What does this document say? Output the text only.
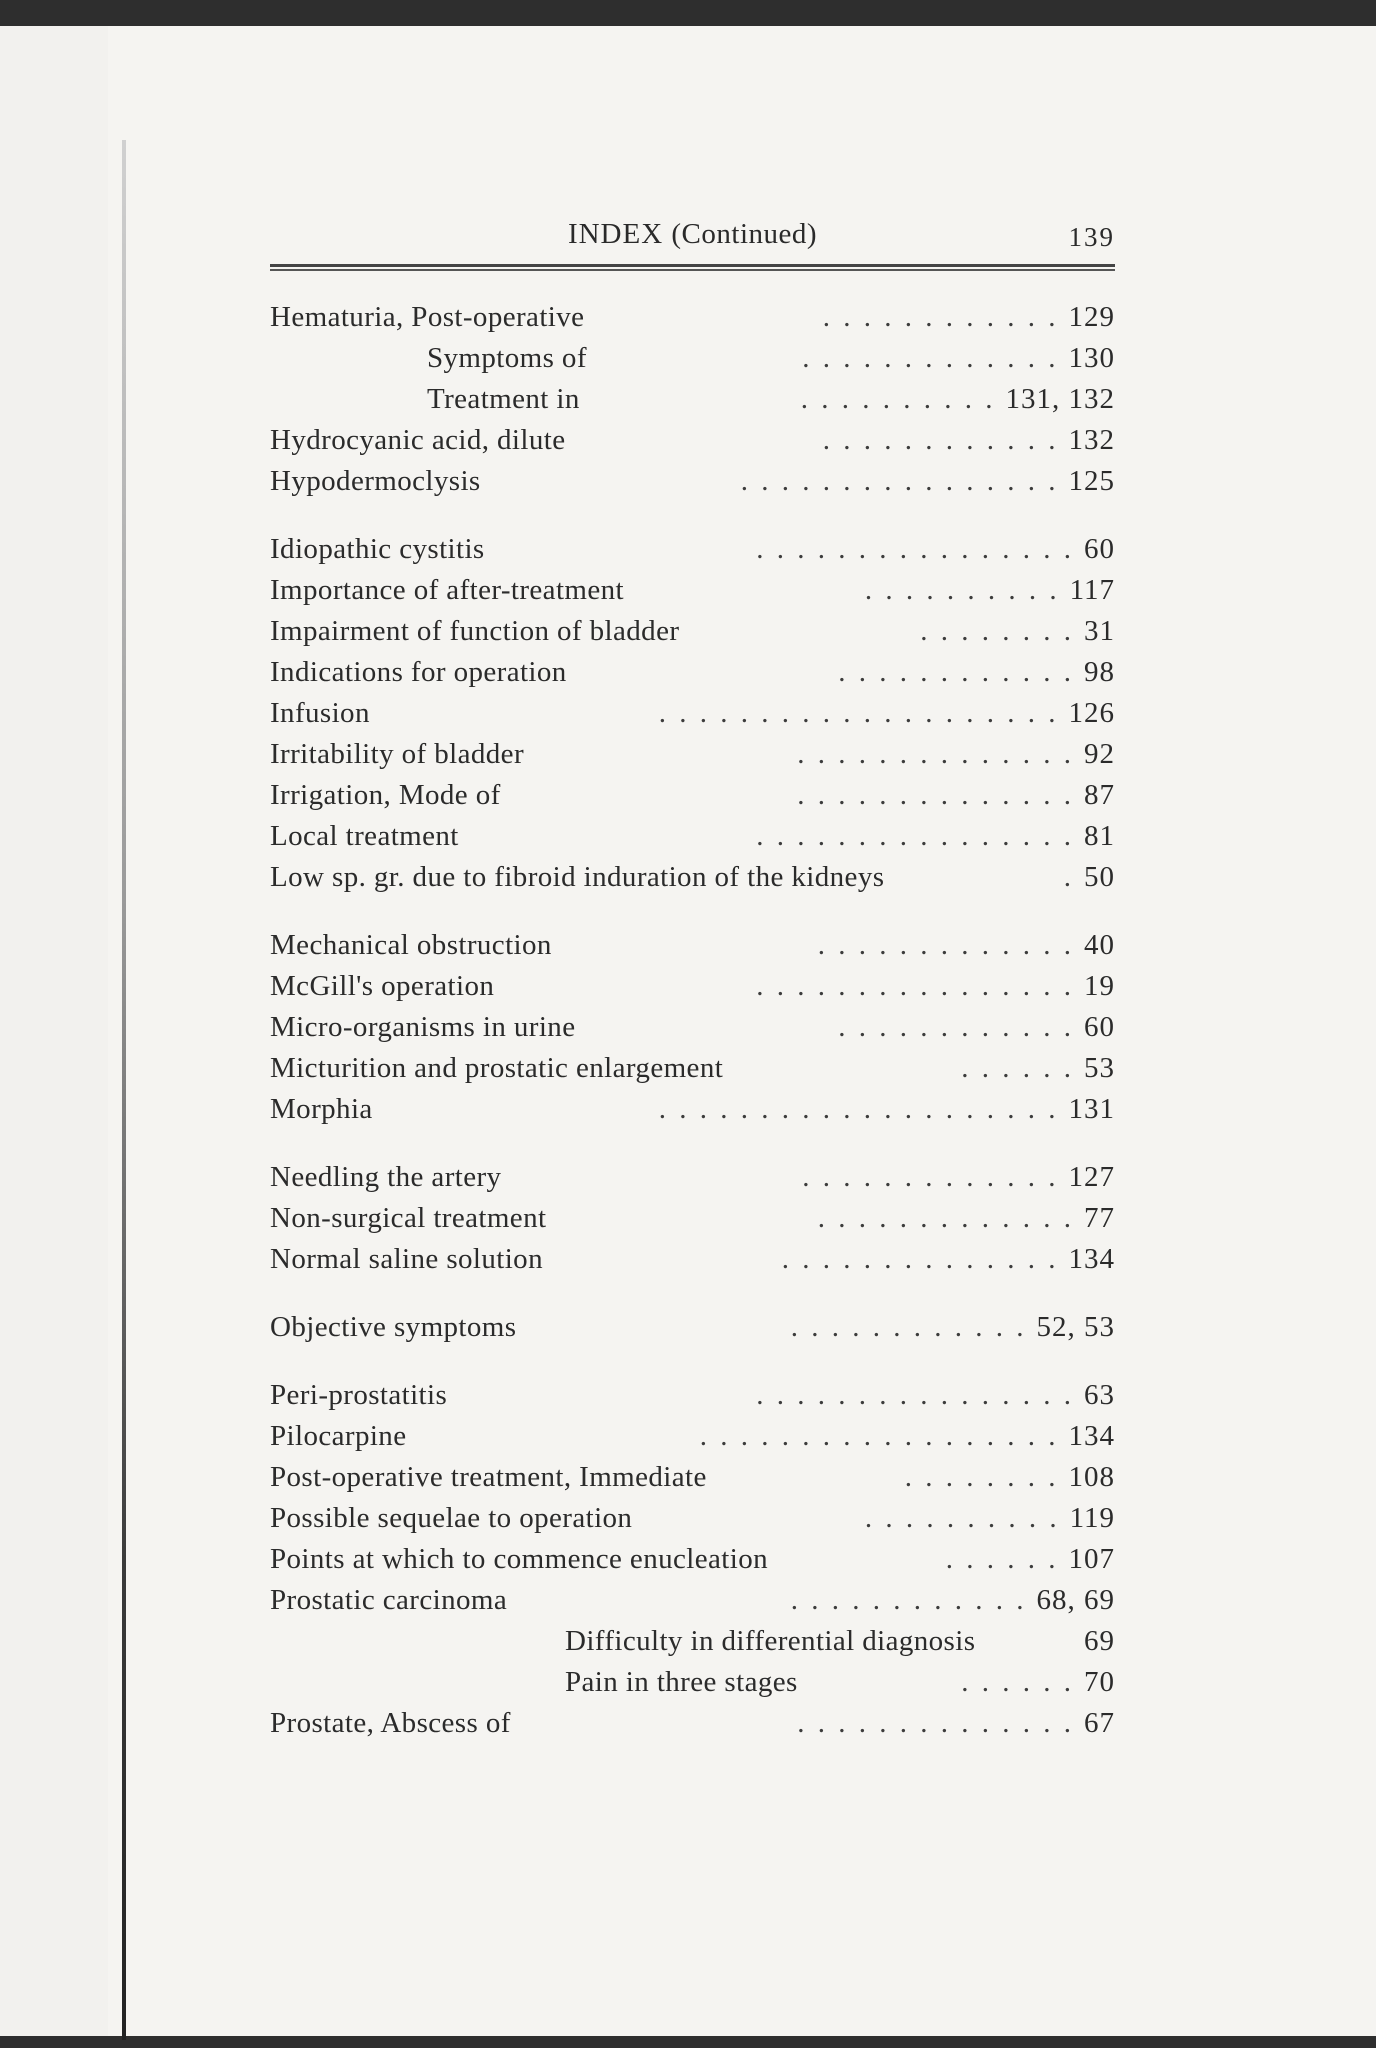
INDEX (Continued)	139
Hematuria, Post-operative	. . . . . . . . . . . . 129
Symptoms of	. . . . . . . . . . . . . 130
Treatment in	. . . . . . . . . . 131, 132
Hydrocyanic acid, dilute	. . . . . . . . . . . . 132
Hypodermoclysis	. . . . . . . . . . . . . . . . 125
Idiopathic cystitis	. . . . . . . . . . . . . . . . 60
Importance of after-treatment	. . . . . . . . . . 117
Impairment of function of bladder	. . . . . . . . 31
Indications for operation	. . . . . . . . . . . . 98
Infusion	. . . . . . . . . . . . . . . . . . . . 126
Irritability of bladder	. . . . . . . . . . . . . . 92
Irrigation, Mode of	. . . . . . . . . . . . . . 87
Local treatment	. . . . . . . . . . . . . . . . 81
Low sp. gr. due to fibroid induration of the kidneys	. 50
Mechanical obstruction	. . . . . . . . . . . . . 40
McGill's operation	. . . . . . . . . . . . . . . . 19
Micro-organisms in urine	. . . . . . . . . . . . 60
Micturition and prostatic enlargement	. . . . . . 53
Morphia	. . . . . . . . . . . . . . . . . . . . 131
Needling the artery	. . . . . . . . . . . . . 127
Non-surgical treatment	. . . . . . . . . . . . . 77
Normal saline solution	. . . . . . . . . . . . . . 134
Objective symptoms	. . . . . . . . . . . . 52, 53
Peri-prostatitis	. . . . . . . . . . . . . . . . 63
Pilocarpine	. . . . . . . . . . . . . . . . . . 134
Post-operative treatment, Immediate	. . . . . . . . 108
Possible sequelae to operation	. . . . . . . . . . 119
Points at which to commence enucleation	. . . . . . 107
Prostatic carcinoma	. . . . . . . . . . . . 68, 69
Difficulty in differential diagnosis	69
Pain in three stages	. . . . . . 70
Prostate, Abscess of	. . . . . . . . . . . . . . 67
